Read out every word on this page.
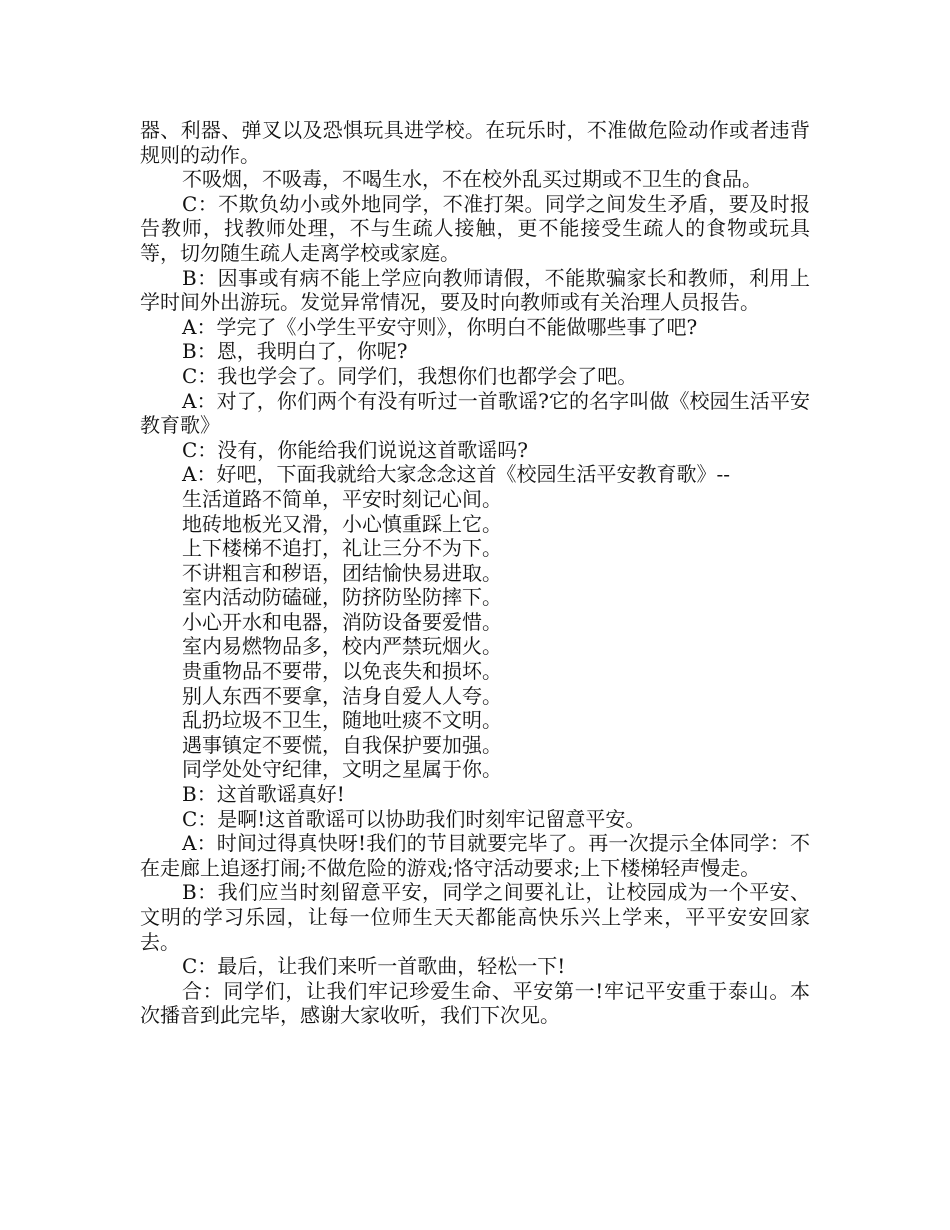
器、利器、弹叉以及恐惧玩具进学校。在玩乐时，不准做危险动作或者违背规则的动作。

不吸烟，不吸毒，不喝生水，不在校外乱买过期或不卫生的食品。

C：不欺负幼小或外地同学，不准打架。同学之间发生矛盾，要及时报告教师，找教师处理，不与生疏人接触，更不能接受生疏人的食物或玩具等，切勿随生疏人走离学校或家庭。

B：因事或有病不能上学应向教师请假，不能欺骗家长和教师，利用上学时间外出游玩。发觉异常情况，要及时向教师或有关治理人员报告。

A：学完了《小学生平安守则》，你明白不能做哪些事了吧?

B：恩，我明白了，你呢?

C：我也学会了。同学们，我想你们也都学会了吧。

A：对了，你们两个有没有听过一首歌谣?它的名字叫做《校园生活平安教育歌》

C：没有，你能给我们说说这首歌谣吗?

A：好吧，下面我就给大家念念这首《校园生活平安教育歌》--

生活道路不简单，平安时刻记心间。

地砖地板光又滑，小心慎重踩上它。

上下楼梯不追打，礼让三分不为下。

不讲粗言和秽语，团结愉快易进取。

室内活动防磕碰，防挤防坠防摔下。

小心开水和电器，消防设备要爱惜。

室内易燃物品多，校内严禁玩烟火。

贵重物品不要带，以免丧失和损坏。

别人东西不要拿，洁身自爱人人夸。

乱扔垃圾不卫生，随地吐痰不文明。

遇事镇定不要慌，自我保护要加强。

同学处处守纪律，文明之星属于你。

B：这首歌谣真好!

C：是啊!这首歌谣可以协助我们时刻牢记留意平安。

A：时间过得真快呀!我们的节目就要完毕了。再一次提示全体同学：不在走廊上追逐打闹;不做危险的游戏;恪守活动要求;上下楼梯轻声慢走。

B：我们应当时刻留意平安，同学之间要礼让，让校园成为一个平安、文明的学习乐园，让每一位师生天天都能高快乐兴上学来，平平安安回家去。

C：最后，让我们来听一首歌曲，轻松一下!

合：同学们，让我们牢记珍爱生命、平安第一!牢记平安重于泰山。本次播音到此完毕，感谢大家收听，我们下次见。
